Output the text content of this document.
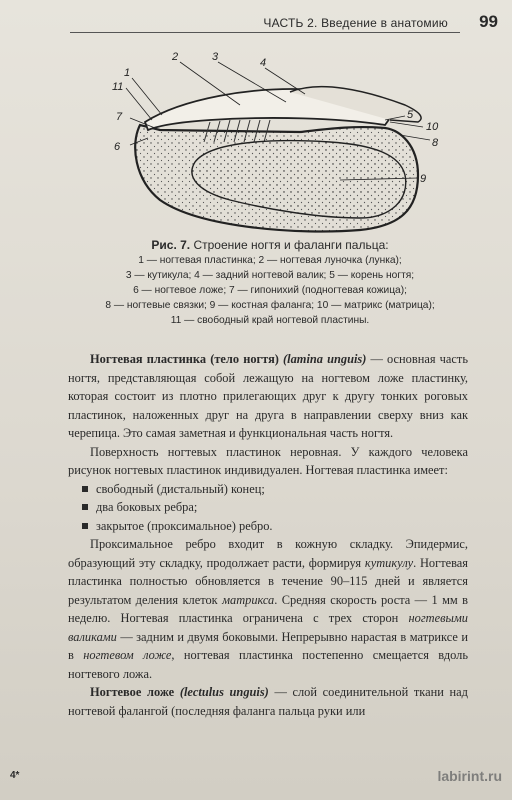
ЧАСТЬ 2. Введение в анатомию 99
1
2	3	4
5
6
7
8
9
10
11
Рис. 7. Строение ногтя и фаланги пальца:
1 — ногтевая пластинка; 2 — ногтевая луночка (лунка);
3 — кутикула; 4 — задний ногтевой валик; 5 — корень ногтя;
6 — ногтевое ложе; 7 — гипонихий (подногтевая кожица);
8 — ногтевые связки; 9 — костная фаланга; 10 — матрикс (матрица);
11 — свободный край ногтевой пластины.

Ногтевая пластинка (тело ногтя) (lamina unguis) — основная часть ногтя, представляющая собой лежащую на ногтевом ложе пластинку, которая состоит из плотно прилегающих друг к другу тонких роговых пластинок, наложенных друг на друга в направлении сверху вниз как черепица. Это самая заметная и функциональная часть ногтя.

Поверхность ногтевых пластинок неровная. У каждого человека рисунок ногтевых пластинок индивидуален. Ногтевая пластинка имеет:

свободный (дистальный) конец;
два боковых ребра;
закрытое (проксимальное) ребро.

Проксимальное ребро входит в кожную складку. Эпидермис, образующий эту складку, продолжает расти, формируя кутикулу. Ногтевая пластинка полностью обновляется в течение 90–115 дней и является результатом деления клеток матрикса. Средняя скорость роста — 1 мм в неделю. Ногтевая пластинка ограничена с трех сторон ногтевыми валиками — задним и двумя боковыми. Непрерывно нарастая в матриксе и в ногтевом ложе, ногтевая пластинка постепенно смещается вдоль ногтевого ложа.

Ногтевое ложе (lectulus unguis) — слой соединительной ткани над ногтевой фалангой (последняя фаланга пальца руки или

4*	labirint.ru
